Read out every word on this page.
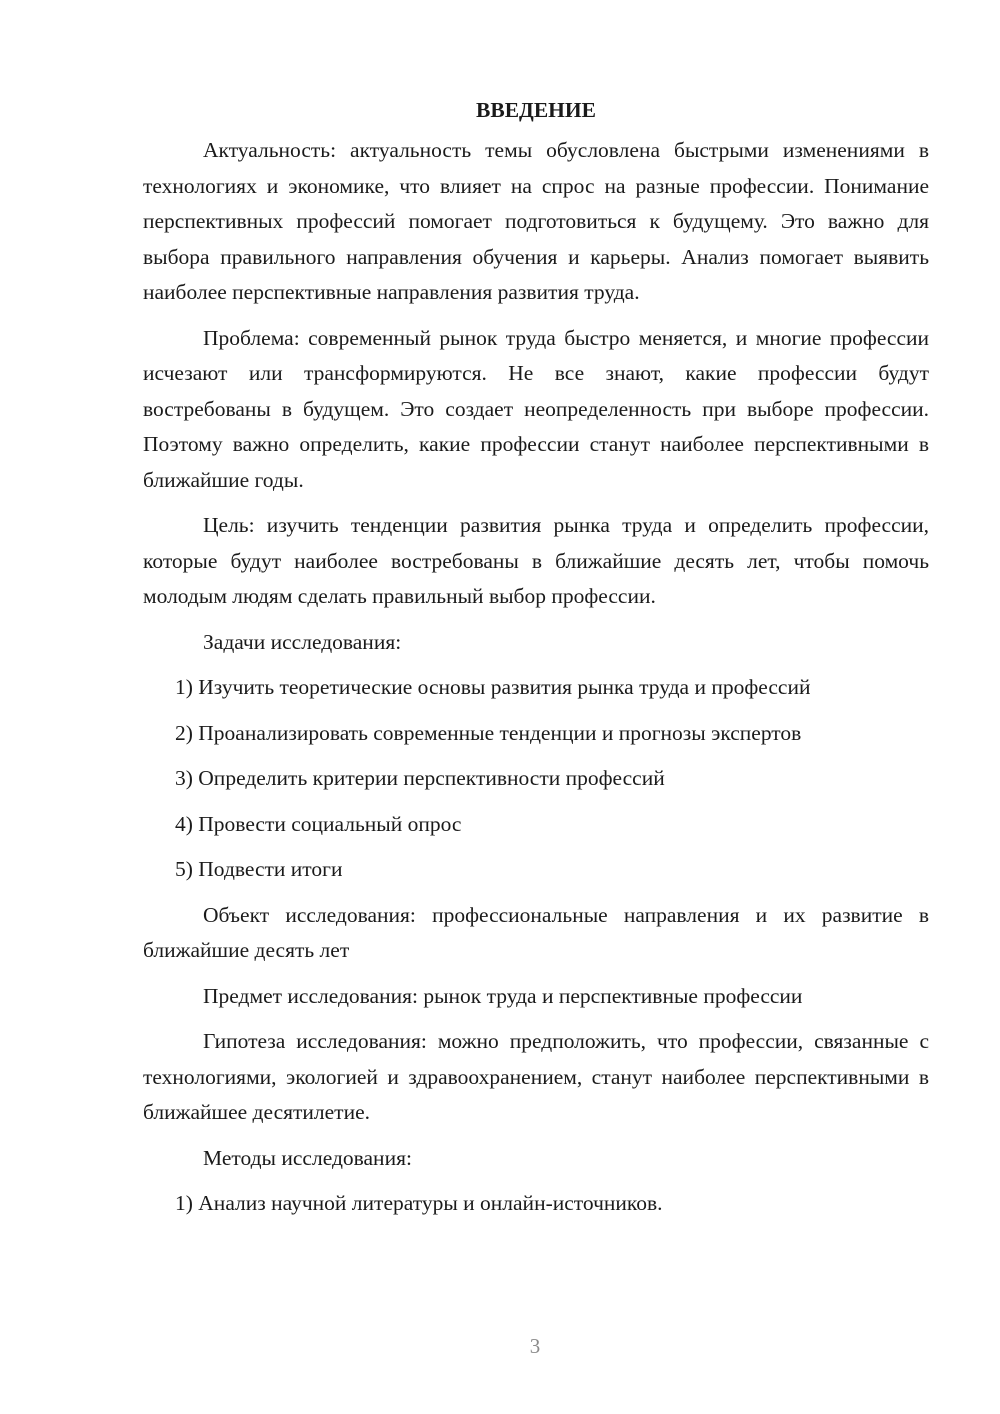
ВВЕДЕНИЕ

Актуальность: актуальность темы обусловлена быстрыми изменениями в технологиях и экономике, что влияет на спрос на разные профессии. Понимание перспективных профессий помогает подготовиться к будущему. Это важно для выбора правильного направления обучения и карьеры. Анализ помогает выявить наиболее перспективные направления развития труда.

Проблема: современный рынок труда быстро меняется, и многие профессии исчезают или трансформируются. Не все знают, какие профессии будут востребованы в будущем. Это создает неопределенность при выборе профессии. Поэтому важно определить, какие профессии станут наиболее перспективными в ближайшие годы.

Цель: изучить тенденции развития рынка труда и определить профессии, которые будут наиболее востребованы в ближайшие десять лет, чтобы помочь молодым людям сделать правильный выбор профессии.

Задачи исследования:

1) Изучить теоретические основы развития рынка труда и профессий
2) Проанализировать современные тенденции и прогнозы экспертов
3) Определить критерии перспективности профессий
4) Провести социальный опрос
5) Подвести итоги

Объект исследования: профессиональные направления и их развитие в ближайшие десять лет

Предмет исследования: рынок труда и перспективные профессии

Гипотеза исследования: можно предположить, что профессии, связанные с технологиями, экологией и здравоохранением, станут наиболее перспективными в ближайшее десятилетие.

Методы исследования:

1) Анализ научной литературы и онлайн-источников.
3
